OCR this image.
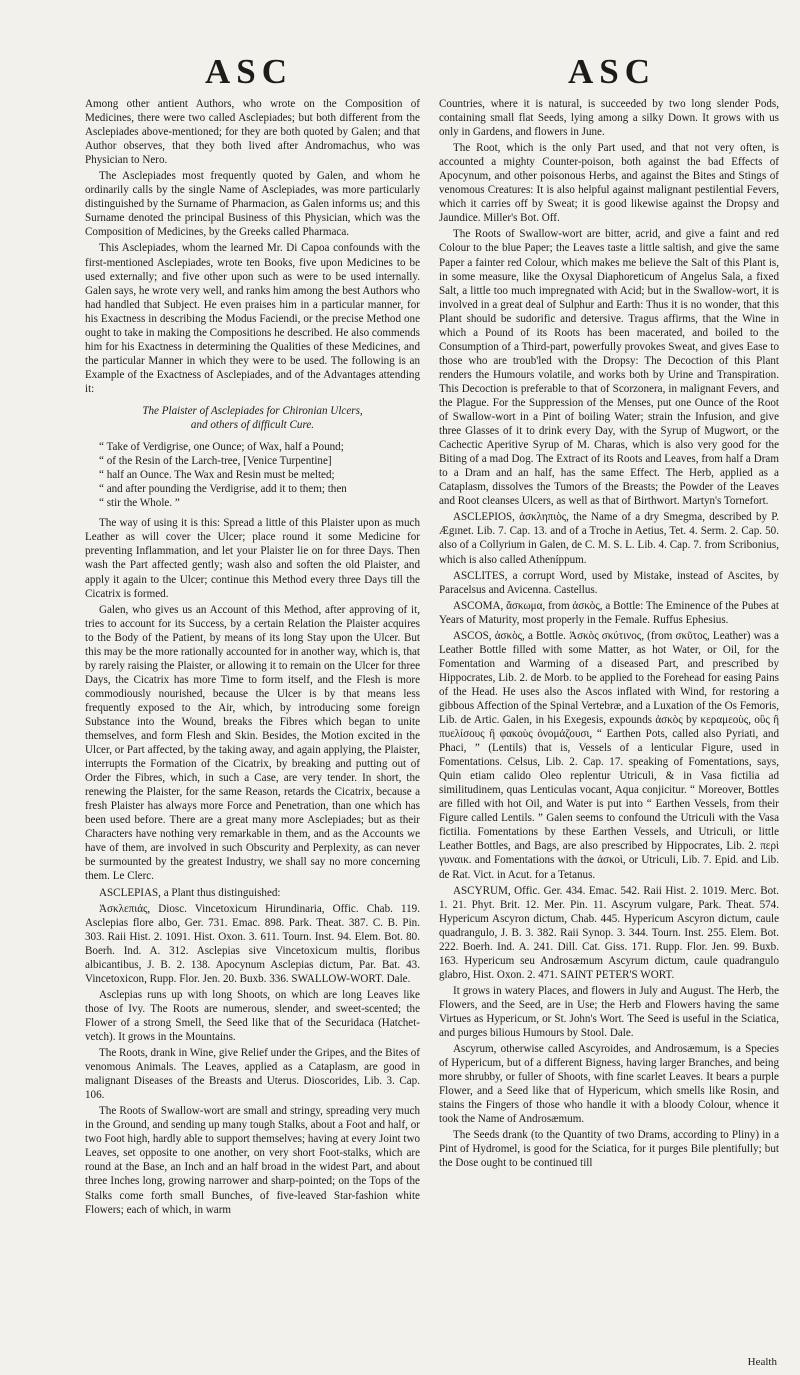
ASC	ASC

Among other antient Authors, who wrote on the Composition of Medicines, there were two called Asclepiades; but both different from the Asclepiades above-mentioned; for they are both quoted by Galen; and that Author observes, that they both lived after Andromachus, who was Physician to Nero.

The Asclepiades most frequently quoted by Galen, and whom he ordinarily calls by the single Name of Asclepiades, was more particularly distinguished by the Surname of Pharmacion, as Galen informs us; and this Surname denoted the principal Business of this Physician, which was the Composition of Medicines, by the Greeks called Pharmaca.

This Asclepiades, whom the learned Mr. Di Capoa confounds with the first-mentioned Asclepiades, wrote ten Books, five upon Medicines to be used externally; and five other upon such as were to be used internally. Galen says, he wrote very well, and ranks him among the best Authors who had handled that Subject. He even praises him in a particular manner, for his Exactness in describing the Modus Faciendi, or the precise Method one ought to take in making the Compositions he described. He also commends him for his Exactness in determining the Qualities of these Medicines, and the particular Manner in which they were to be used. The following is an Example of the Exactness of Asclepiades, and of the Advantages attending it:

The Plaister of Asclepiades for Chironian Ulcers,
and others of difficult Cure.
“ Take of Verdigrise, one Ounce; of Wax, half a Pound;
“ of the Resin of the Larch-tree, [Venice Turpentine]
“ half an Ounce. The Wax and Resin must be melted;
“ and after pounding the Verdigrise, add it to them; then
“ stir the Whole. ”

The way of using it is this: Spread a little of this Plaister upon as much Leather as will cover the Ulcer; place round it some Medicine for preventing Inflammation, and let your Plaister lie on for three Days. Then wash the Part affected gently; wash also and soften the old Plaister, and apply it again to the Ulcer; continue this Method every three Days till the Cicatrix is formed.

Galen, who gives us an Account of this Method, after approving of it, tries to account for its Success, by a certain Relation the Plaister acquires to the Body of the Patient, by means of its long Stay upon the Ulcer. But this may be the more rationally accounted for in another way, which is, that by rarely raising the Plaister, or allowing it to remain on the Ulcer for three Days, the Cicatrix has more Time to form itself, and the Flesh is more commodiously nourished, because the Ulcer is by that means less frequently exposed to the Air, which, by introducing some foreign Substance into the Wound, breaks the Fibres which began to unite themselves, and form Flesh and Skin. Besides, the Motion excited in the Ulcer, or Part affected, by the taking away, and again applying, the Plaister, interrupts the Formation of the Cicatrix, by breaking and putting out of Order the Fibres, which, in such a Case, are very tender. In short, the renewing the Plaister, for the same Reason, retards the Cicatrix, because a fresh Plaister has always more Force and Penetration, than one which has been used before. There are a great many more Asclepiades; but as their Characters have nothing very remarkable in them, and as the Accounts we have of them, are involved in such Obscurity and Perplexity, as can never be surmounted by the greatest Industry, we shall say no more concerning them. Le Clerc.

ASCLEPIAS, a Plant thus distinguished:

Ἀσκλεπιάς, Diosc. Vincetoxicum Hirundinaria, Offic. Chab. 119. Asclepias flore albo, Ger. 731. Emac. 898. Park. Theat. 387. C. B. Pin. 303. Raii Hist. 2. 1091. Hist. Oxon. 3. 611. Tourn. Inst. 94. Elem. Bot. 80. Boerh. Ind. A. 312. Asclepias sive Vincetoxicum multis, floribus albicantibus, J. B. 2. 138. Apocynum Asclepias dictum, Par. Bat. 43. Vincetoxicon, Rupp. Flor. Jen. 20. Buxb. 336. SWALLOW-WORT. Dale.

Asclepias runs up with long Shoots, on which are long Leaves like those of Ivy. The Roots are numerous, slender, and sweet-scented; the Flower of a strong Smell, the Seed like that of the Securidaca (Hatchet-vetch). It grows in the Mountains.

The Roots, drank in Wine, give Relief under the Gripes, and the Bites of venomous Animals. The Leaves, applied as a Cataplasm, are good in malignant Diseases of the Breasts and Uterus. Dioscorides, Lib. 3. Cap. 106.

The Roots of Swallow-wort are small and stringy, spreading very much in the Ground, and sending up many tough Stalks, about a Foot and half, or two Foot high, hardly able to support themselves; having at every Joint two Leaves, set opposite to one another, on very short Foot-stalks, which are round at the Base, an Inch and an half broad in the widest Part, and about three Inches long, growing narrower and sharp-pointed; on the Tops of the Stalks come forth small Bunches, of five-leaved Star-fashion white Flowers; each of which, in warm

Countries, where it is natural, is succeeded by two long slender Pods, containing small flat Seeds, lying among a silky Down. It grows with us only in Gardens, and flowers in June.

The Root, which is the only Part used, and that not very often, is accounted a mighty Counter-poison, both against the bad Effects of Apocynum, and other poisonous Herbs, and against the Bites and Stings of venomous Creatures: It is also helpful against malignant pestilential Fevers, which it carries off by Sweat; it is good likewise against the Dropsy and Jaundice. Miller's Bot. Off.

The Roots of Swallow-wort are bitter, acrid, and give a faint and red Colour to the blue Paper; the Leaves taste a little saltish, and give the same Paper a fainter red Colour, which makes me believe the Salt of this Plant is, in some measure, like the Oxysal Diaphoreticum of Angelus Sala, a fixed Salt, a little too much impregnated with Acid; but in the Swallow-wort, it is involved in a great deal of Sulphur and Earth: Thus it is no wonder, that this Plant should be sudorific and detersive. Tragus affirms, that the Wine in which a Pound of its Roots has been macerated, and boiled to the Consumption of a Third-part, powerfully provokes Sweat, and gives Ease to those who are troub'led with the Dropsy: The Decoction of this Plant renders the Humours volatile, and works both by Urine and Transpiration. This Decoction is preferable to that of Scorzonera, in malignant Fevers, and the Plague. For the Suppression of the Menses, put one Ounce of the Root of Swallow-wort in a Pint of boiling Water; strain the Infusion, and give three Glasses of it to drink every Day, with the Syrup of Mugwort, or the Cachectic Aperitive Syrup of M. Charas, which is also very good for the Biting of a mad Dog. The Extract of its Roots and Leaves, from half a Dram to a Dram and an half, has the same Effect. The Herb, applied as a Cataplasm, dissolves the Tumors of the Breasts; the Powder of the Leaves and Root cleanses Ulcers, as well as that of Birthwort. Martyn's Tornefort.

ASCLEPIOS, ἀσκληπιὸς, the Name of a dry Smegma, described by P. Ægınet. Lib. 7. Cap. 13. and of a Troche in Aetius, Tet. 4. Serm. 2. Cap. 50. also of a Collyrium in Galen, de C. M. S. L. Lib. 4. Cap. 7. from Scribonius, which is also called Atheníppum.

ASCLITES, a corrupt Word, used by Mistake, instead of Ascites, by Paracelsus and Avicenna. Castellus.

ASCOMA, ἄσκωμα, from ἀσκὸς, a Bottle: The Eminence of the Pubes at Years of Maturity, most properly in the Female. Ruffus Ephesius.

ASCOS, ἀσκὸς, a Bottle. Ἀσκὸς σκύτινος, (from σκῦτος, Leather) was a Leather Bottle filled with some Matter, as hot Water, or Oil, for the Fomentation and Warming of a diseased Part, and prescribed by Hippocrates, Lib. 2. de Morb. to be applied to the Forehead for easing Pains of the Head. He uses also the Ascos inflated with Wind, for restoring a gibbous Affection of the Spinal Vertebræ, and a Luxation of the Os Femoris, Lib. de Artic. Galen, in his Exegesis, expounds ἀσκὸς by κεραμεοὺς, οὓς ἢ πυελίσους ἢ φακοὺς ὀνομάζουσι, “ Earthen Pots, called also Pyriati, and Phaci, ” (Lentils) that is, Vessels of a lenticular Figure, used in Fomentations. Celsus, Lib. 2. Cap. 17. speaking of Fomentations, says, Quin etiam calido Oleo replentur Utriculi, & in Vasa fictilia ad similitudinem, quas Lenticulas vocant, Aqua conjicitur. “ Moreover, Bottles are filled with hot Oil, and Water is put into “ Earthen Vessels, from their Figure called Lentils. ” Galen seems to confound the Utriculi with the Vasa fictilia. Fomentations by these Earthen Vessels, and Utriculi, or little Leather Bottles, and Bags, are also prescribed by Hippocrates, Lib. 2. περὶ γυναικ. and Fomentations with the ἀσκοὶ, or Utriculi, Lib. 7. Epid. and Lib. de Rat. Vict. in Acut. for a Tetanus.

ASCYRUM, Offic. Ger. 434. Emac. 542. Raii Hist. 2. 1019. Merc. Bot. 1. 21. Phyt. Brit. 12. Mer. Pin. 11. Ascyrum vulgare, Park. Theat. 574. Hypericum Ascyron dictum, Chab. 445. Hypericum Ascyron dictum, caule quadrangulo, J. B. 3. 382. Raii Synop. 3. 344. Tourn. Inst. 255. Elem. Bot. 222. Boerh. Ind. A. 241. Dill. Cat. Giss. 171. Rupp. Flor. Jen. 99. Buxb. 163. Hypericum seu Androsæmum Ascyrum dictum, caule quadrangulo glabro, Hist. Oxon. 2. 471. SAINT PETER'S WORT.

It grows in watery Places, and flowers in July and August. The Herb, the Flowers, and the Seed, are in Use; the Herb and Flowers having the same Virtues as Hypericum, or St. John's Wort. The Seed is useful in the Sciatica, and purges bilious Humours by Stool. Dale.

Ascyrum, otherwise called Ascyroides, and Androsæmum, is a Species of Hypericum, but of a different Bigness, having larger Branches, and being more shrubby, or fuller of Shoots, with fine scarlet Leaves. It bears a purple Flower, and a Seed like that of Hypericum, which smells like Rosin, and stains the Fingers of those who handle it with a bloody Colour, whence it took the Name of Androsæmum.

The Seeds drank (to the Quantity of two Drams, according to Pliny) in a Pint of Hydromel, is good for the Sciatica, for it purges Bile plentifully; but the Dose ought to be continued till

Health
